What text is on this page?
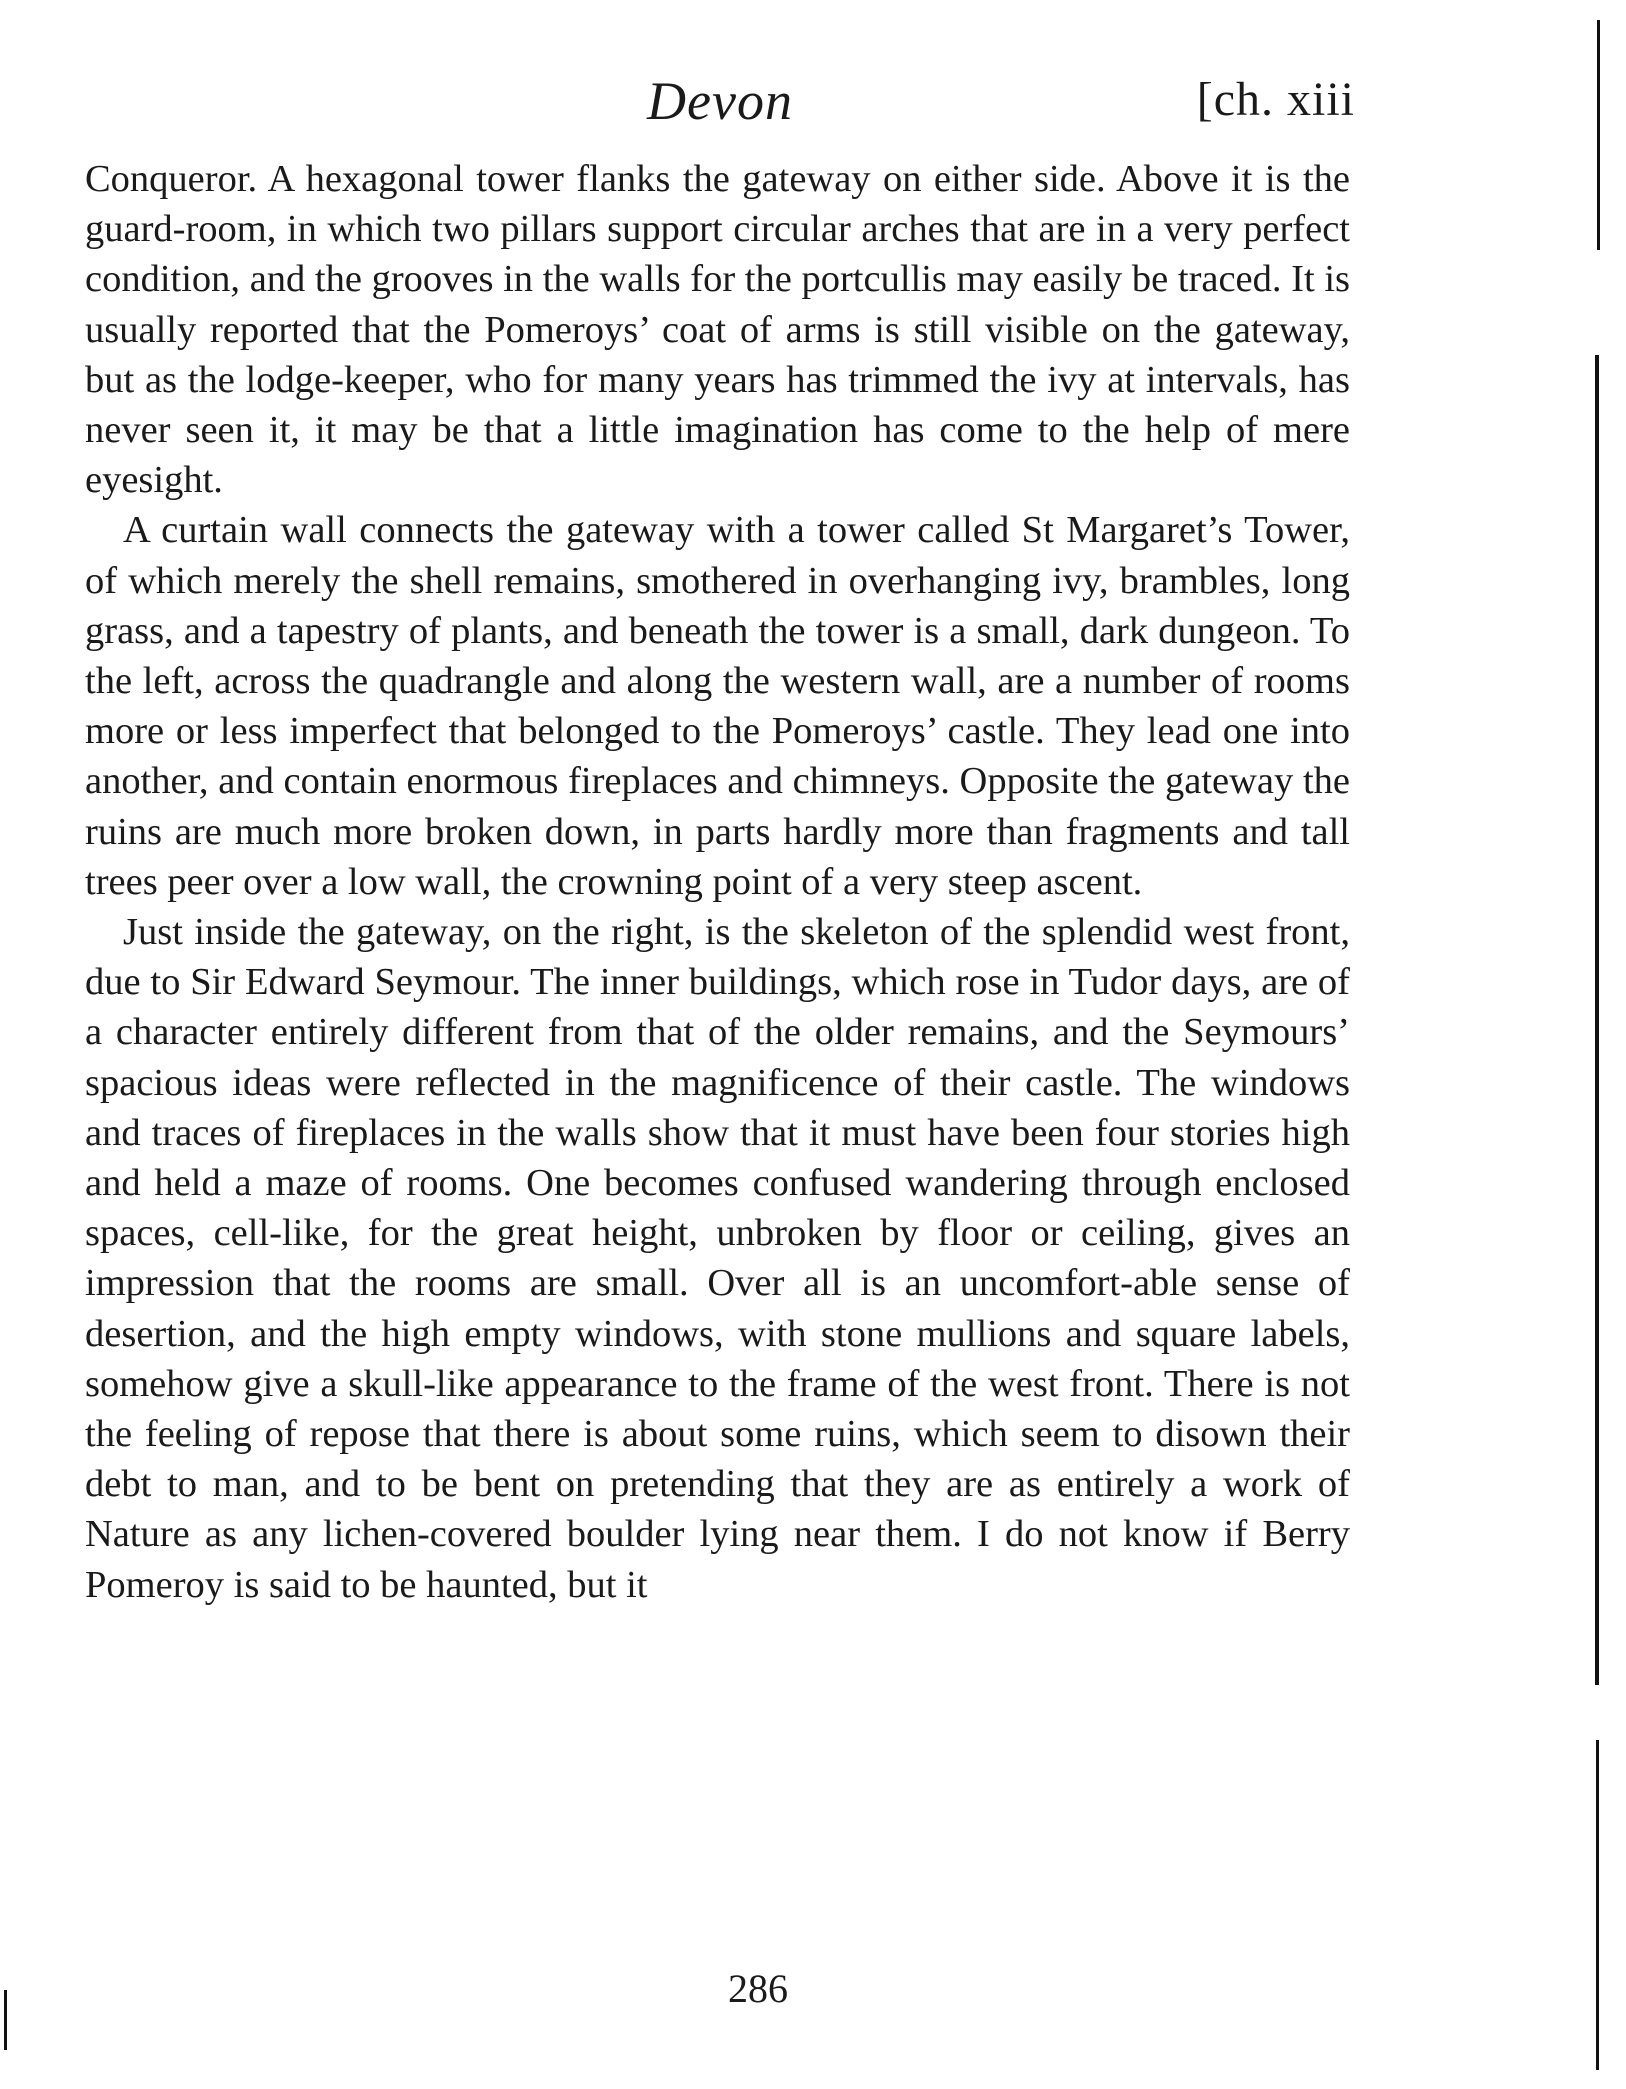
Devon	[ch. xiii

Conqueror. A hexagonal tower flanks the gateway on either side. Above it is the guard-room, in which two pillars support circular arches that are in a very perfect condition, and the grooves in the walls for the portcullis may easily be traced. It is usually reported that the Pomeroys’ coat of arms is still visible on the gateway, but as the lodge-keeper, who for many years has trimmed the ivy at intervals, has never seen it, it may be that a little imagination has come to the help of mere eyesight.

A curtain wall connects the gateway with a tower called St Margaret’s Tower, of which merely the shell remains, smothered in overhanging ivy, brambles, long grass, and a tapestry of plants, and beneath the tower is a small, dark dungeon. To the left, across the quadrangle and along the western wall, are a number of rooms more or less imperfect that belonged to the Pomeroys’ castle. They lead one into another, and contain enormous fireplaces and chimneys. Opposite the gateway the ruins are much more broken down, in parts hardly more than fragments and tall trees peer over a low wall, the crowning point of a very steep ascent.

Just inside the gateway, on the right, is the skeleton of the splendid west front, due to Sir Edward Seymour. The inner buildings, which rose in Tudor days, are of a character entirely different from that of the older remains, and the Seymours’ spacious ideas were reflected in the magnificence of their castle. The windows and traces of fireplaces in the walls show that it must have been four stories high and held a maze of rooms. One becomes confused wandering through enclosed spaces, cell-like, for the great height, unbroken by floor or ceiling, gives an impression that the rooms are small. Over all is an uncomfort-able sense of desertion, and the high empty windows, with stone mullions and square labels, somehow give a skull-like appearance to the frame of the west front. There is not the feeling of repose that there is about some ruins, which seem to disown their debt to man, and to be bent on pretending that they are as entirely a work of Nature as any lichen-covered boulder lying near them. I do not know if Berry Pomeroy is said to be haunted, but it

286
